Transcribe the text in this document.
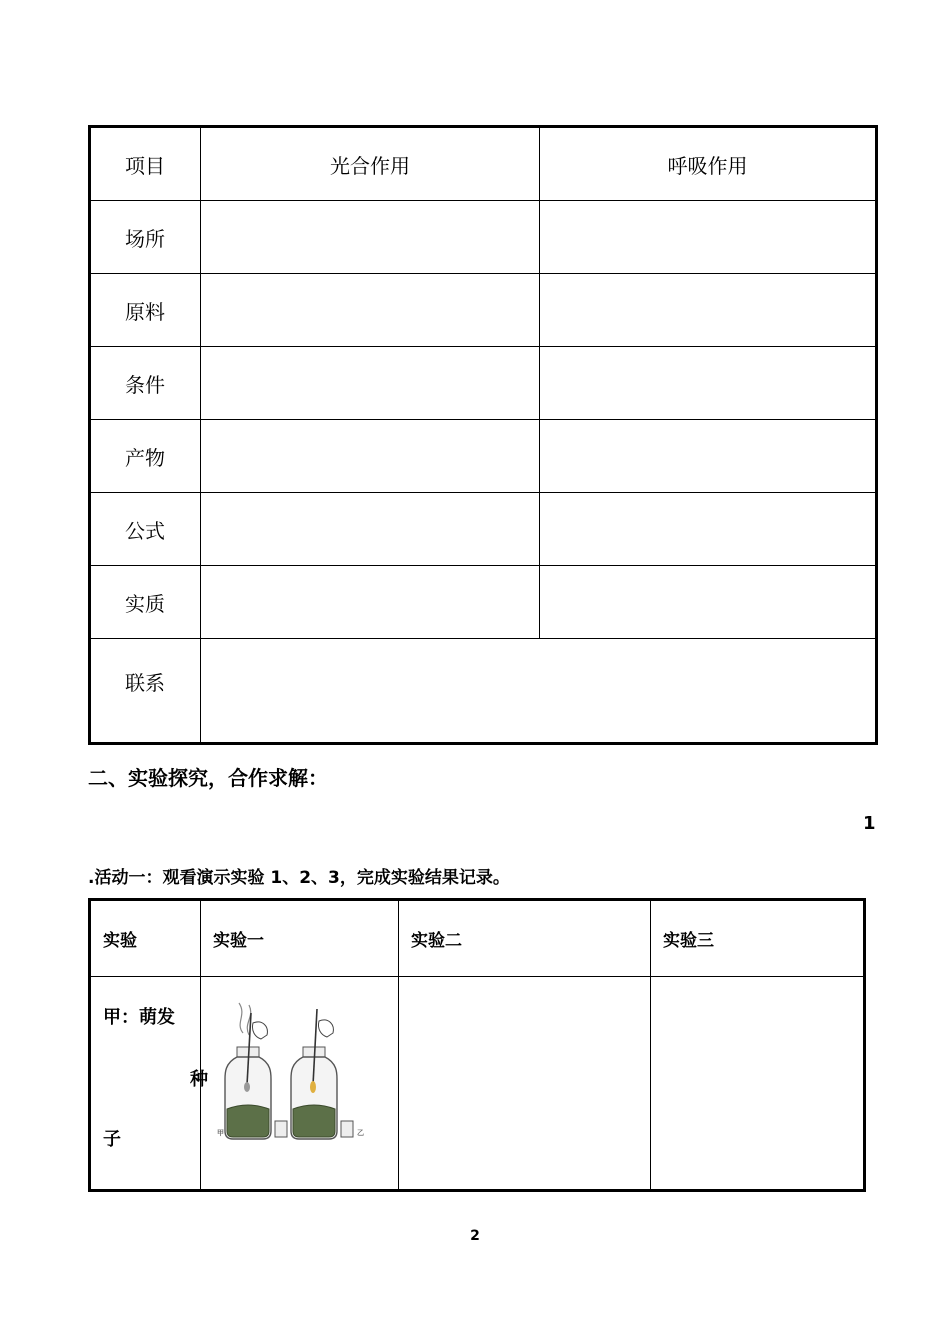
项目	光合作用	呼吸作用
场所		
原料		
条件		
产物		
公式		
实质		
联系		
二、实验探究，合作求解：
1
.活动一：观看演示实验 1、2、3，完成实验结果记录。
实验	实验一	实验二	实验三

甲：萌发
种
子	甲 乙		

2
